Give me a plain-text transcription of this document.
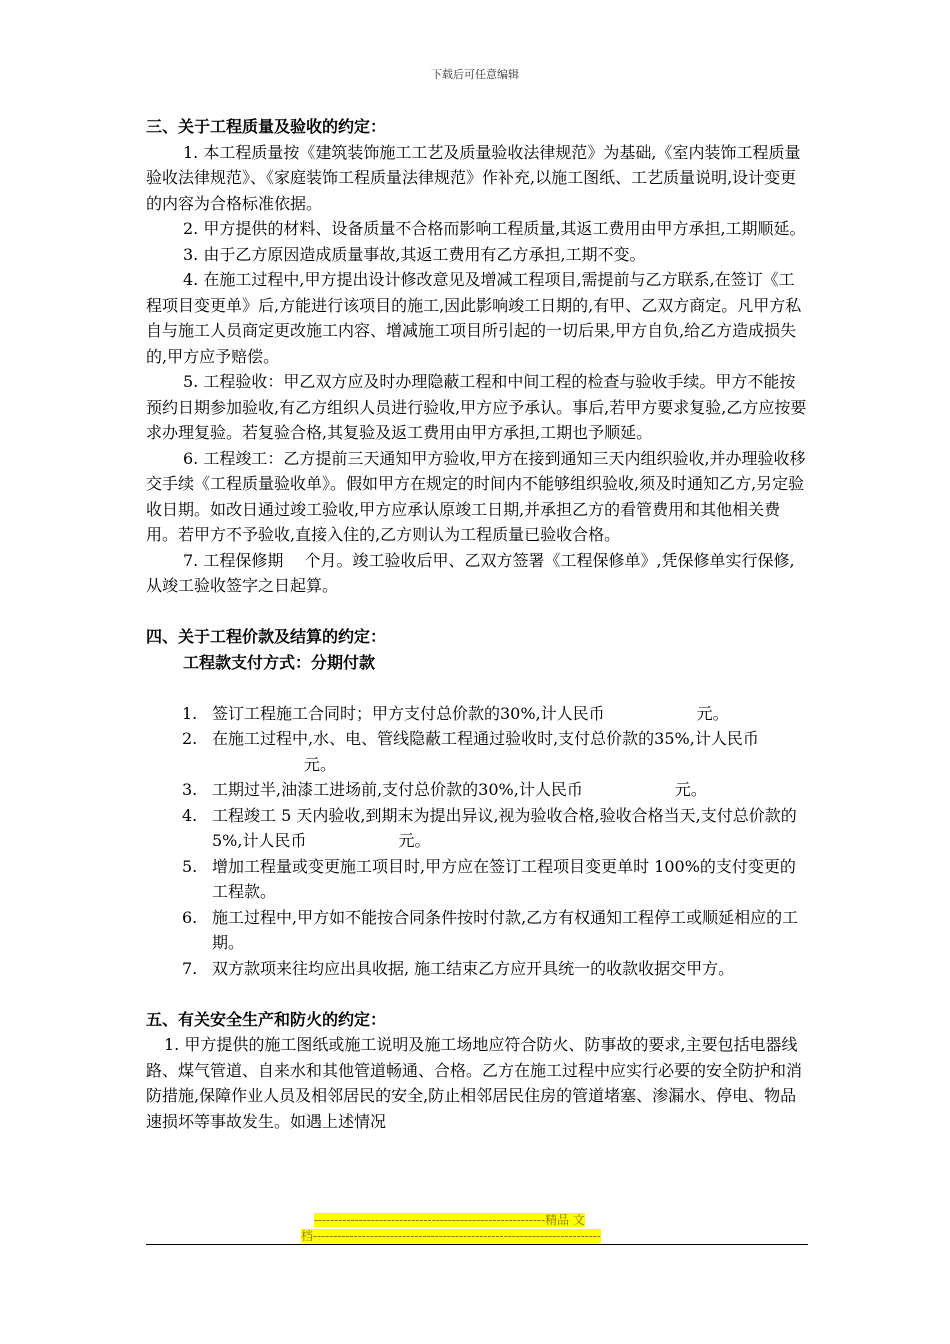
下载后可任意编辑

三、关于工程质量及验收的约定：

1. 本工程质量按《建筑装饰施工工艺及质量验收法律规范》为基础,《室内装饰工程质量验收法律规范》、《家庭装饰工程质量法律规范》作补充,以施工图纸、工艺质量说明,设计变更的内容为合格标准依据。

2. 甲方提供的材料、设备质量不合格而影响工程质量,其返工费用由甲方承担,工期顺延。

3. 由于乙方原因造成质量事故,其返工费用有乙方承担,工期不变。

4. 在施工过程中,甲方提出设计修改意见及增减工程项目,需提前与乙方联系,在签订《工程项目变更单》后,方能进行该项目的施工,因此影响竣工日期的,有甲、乙双方商定。凡甲方私自与施工人员商定更改施工内容、增减施工项目所引起的一切后果,甲方自负,给乙方造成损失的,甲方应予赔偿。

5. 工程验收：甲乙双方应及时办理隐蔽工程和中间工程的检查与验收手续。甲方不能按预约日期参加验收,有乙方组织人员进行验收,甲方应予承认。事后,若甲方要求复验,乙方应按要求办理复验。若复验合格,其复验及返工费用由甲方承担,工期也予顺延。

6. 工程竣工：乙方提前三天通知甲方验收,甲方在接到通知三天内组织验收,并办理验收移交手续《工程质量验收单》。假如甲方在规定的时间内不能够组织验收,须及时通知乙方,另定验收日期。如改日通过竣工验收,甲方应承认原竣工日期,并承担乙方的看管费用和其他相关费用。若甲方不予验收,直接入住的,乙方则认为工程质量已验收合格。

7. 工程保修期　 个月。竣工验收后甲、乙双方签署《工程保修单》,凭保修单实行保修,从竣工验收签字之日起算。

四、关于工程价款及结算的约定：

工程款支付方式：分期付款

1. 签订工程施工合同时；甲方支付总价款的30%,计人民币	元。
2. 在施工过程中,水、电、管线隐蔽工程通过验收时,支付总价款的35%,计人民币元。
3. 工期过半,油漆工进场前,支付总价款的30%,计人民币	元。
4. 工程竣工 5 天内验收,到期末为提出异议,视为验收合格,验收合格当天,支付总价款的5%,计人民币	元。
5. 增加工程量或变更施工项目时,甲方应在签订工程项目变更单时 100%的支付变更的工程款。
6. 施工过程中,甲方如不能按合同条件按时付款,乙方有权通知工程停工或顺延相应的工期。
7. 双方款项来往均应出具收据, 施工结束乙方应开具统一的收款收据交甲方。

五、有关安全生产和防火的约定：

1. 甲方提供的施工图纸或施工说明及施工场地应符合防火、防事故的要求,主要包括电器线路、煤气管道、自来水和其他管道畅通、合格。乙方在施工过程中应实行必要的安全防护和消防措施,保障作业人员及相邻居民的安全,防止相邻居民住房的管道堵塞、渗漏水、停电、物品速损坏等事故发生。如遇上述情况

---------------------------------------------------------精品 文
档-----------------------------------------------------------------------
